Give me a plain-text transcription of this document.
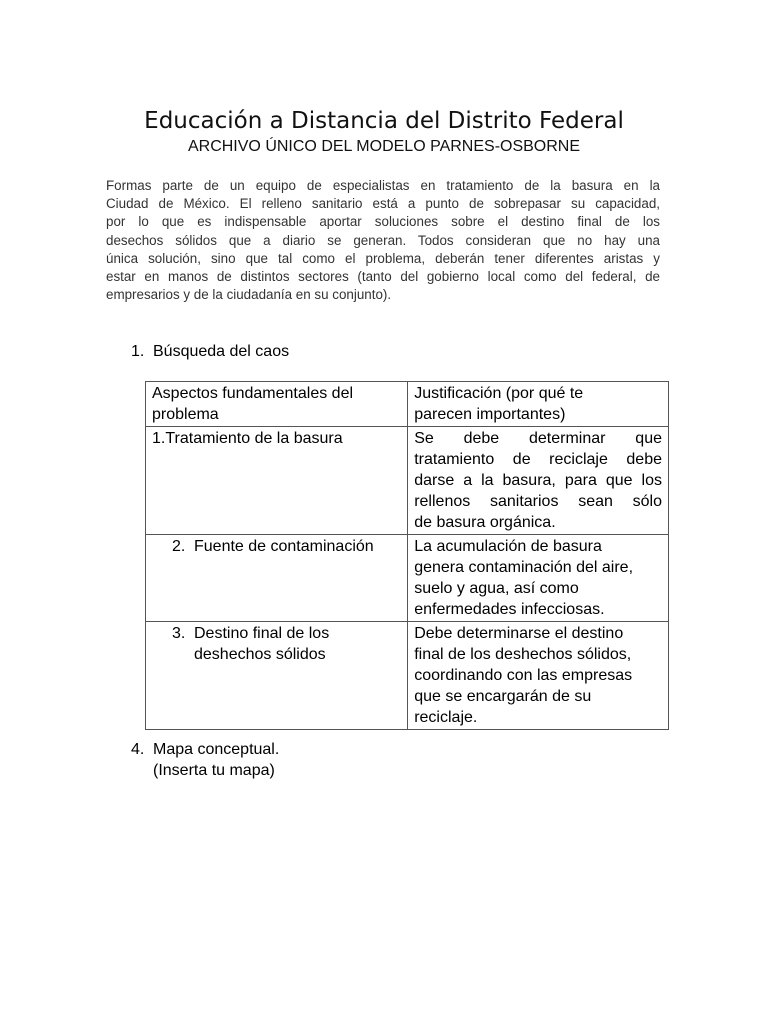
Educación a Distancia del Distrito Federal
ARCHIVO ÚNICO DEL MODELO PARNES-OSBORNE
Formas parte de un equipo de especialistas en tratamiento de la basura en la
Ciudad de México. El relleno sanitario está a punto de sobrepasar su capacidad,
por lo que es indispensable aportar soluciones sobre el destino final de los
desechos sólidos que a diario se generan. Todos consideran que no hay una
única solución, sino que tal como el problema, deberán tener diferentes aristas y
estar en manos de distintos sectores (tanto del gobierno local como del federal, de
empresarios y de la ciudadanía en su conjunto).
1. Búsqueda del caos
Aspectos fundamentales del
problema	Justificación (por qué te
parecen importantes)

1.Tratamiento de la basura	Se debe determinar que
tratamiento de reciclaje debe
darse a la basura, para que los
rellenos sanitarios sean sólo
de basura orgánica.

2. Fuente de contaminación	La acumulación de basura
genera contaminación del aire,
suelo y agua, así como
enfermedades infecciosas.

3. Destino final de los
deshechos sólidos	Debe determinarse el destino
final de los deshechos sólidos,
coordinando con las empresas
que se encargarán de su
reciclaje.
4. Mapa conceptual.
(Inserta tu mapa)
